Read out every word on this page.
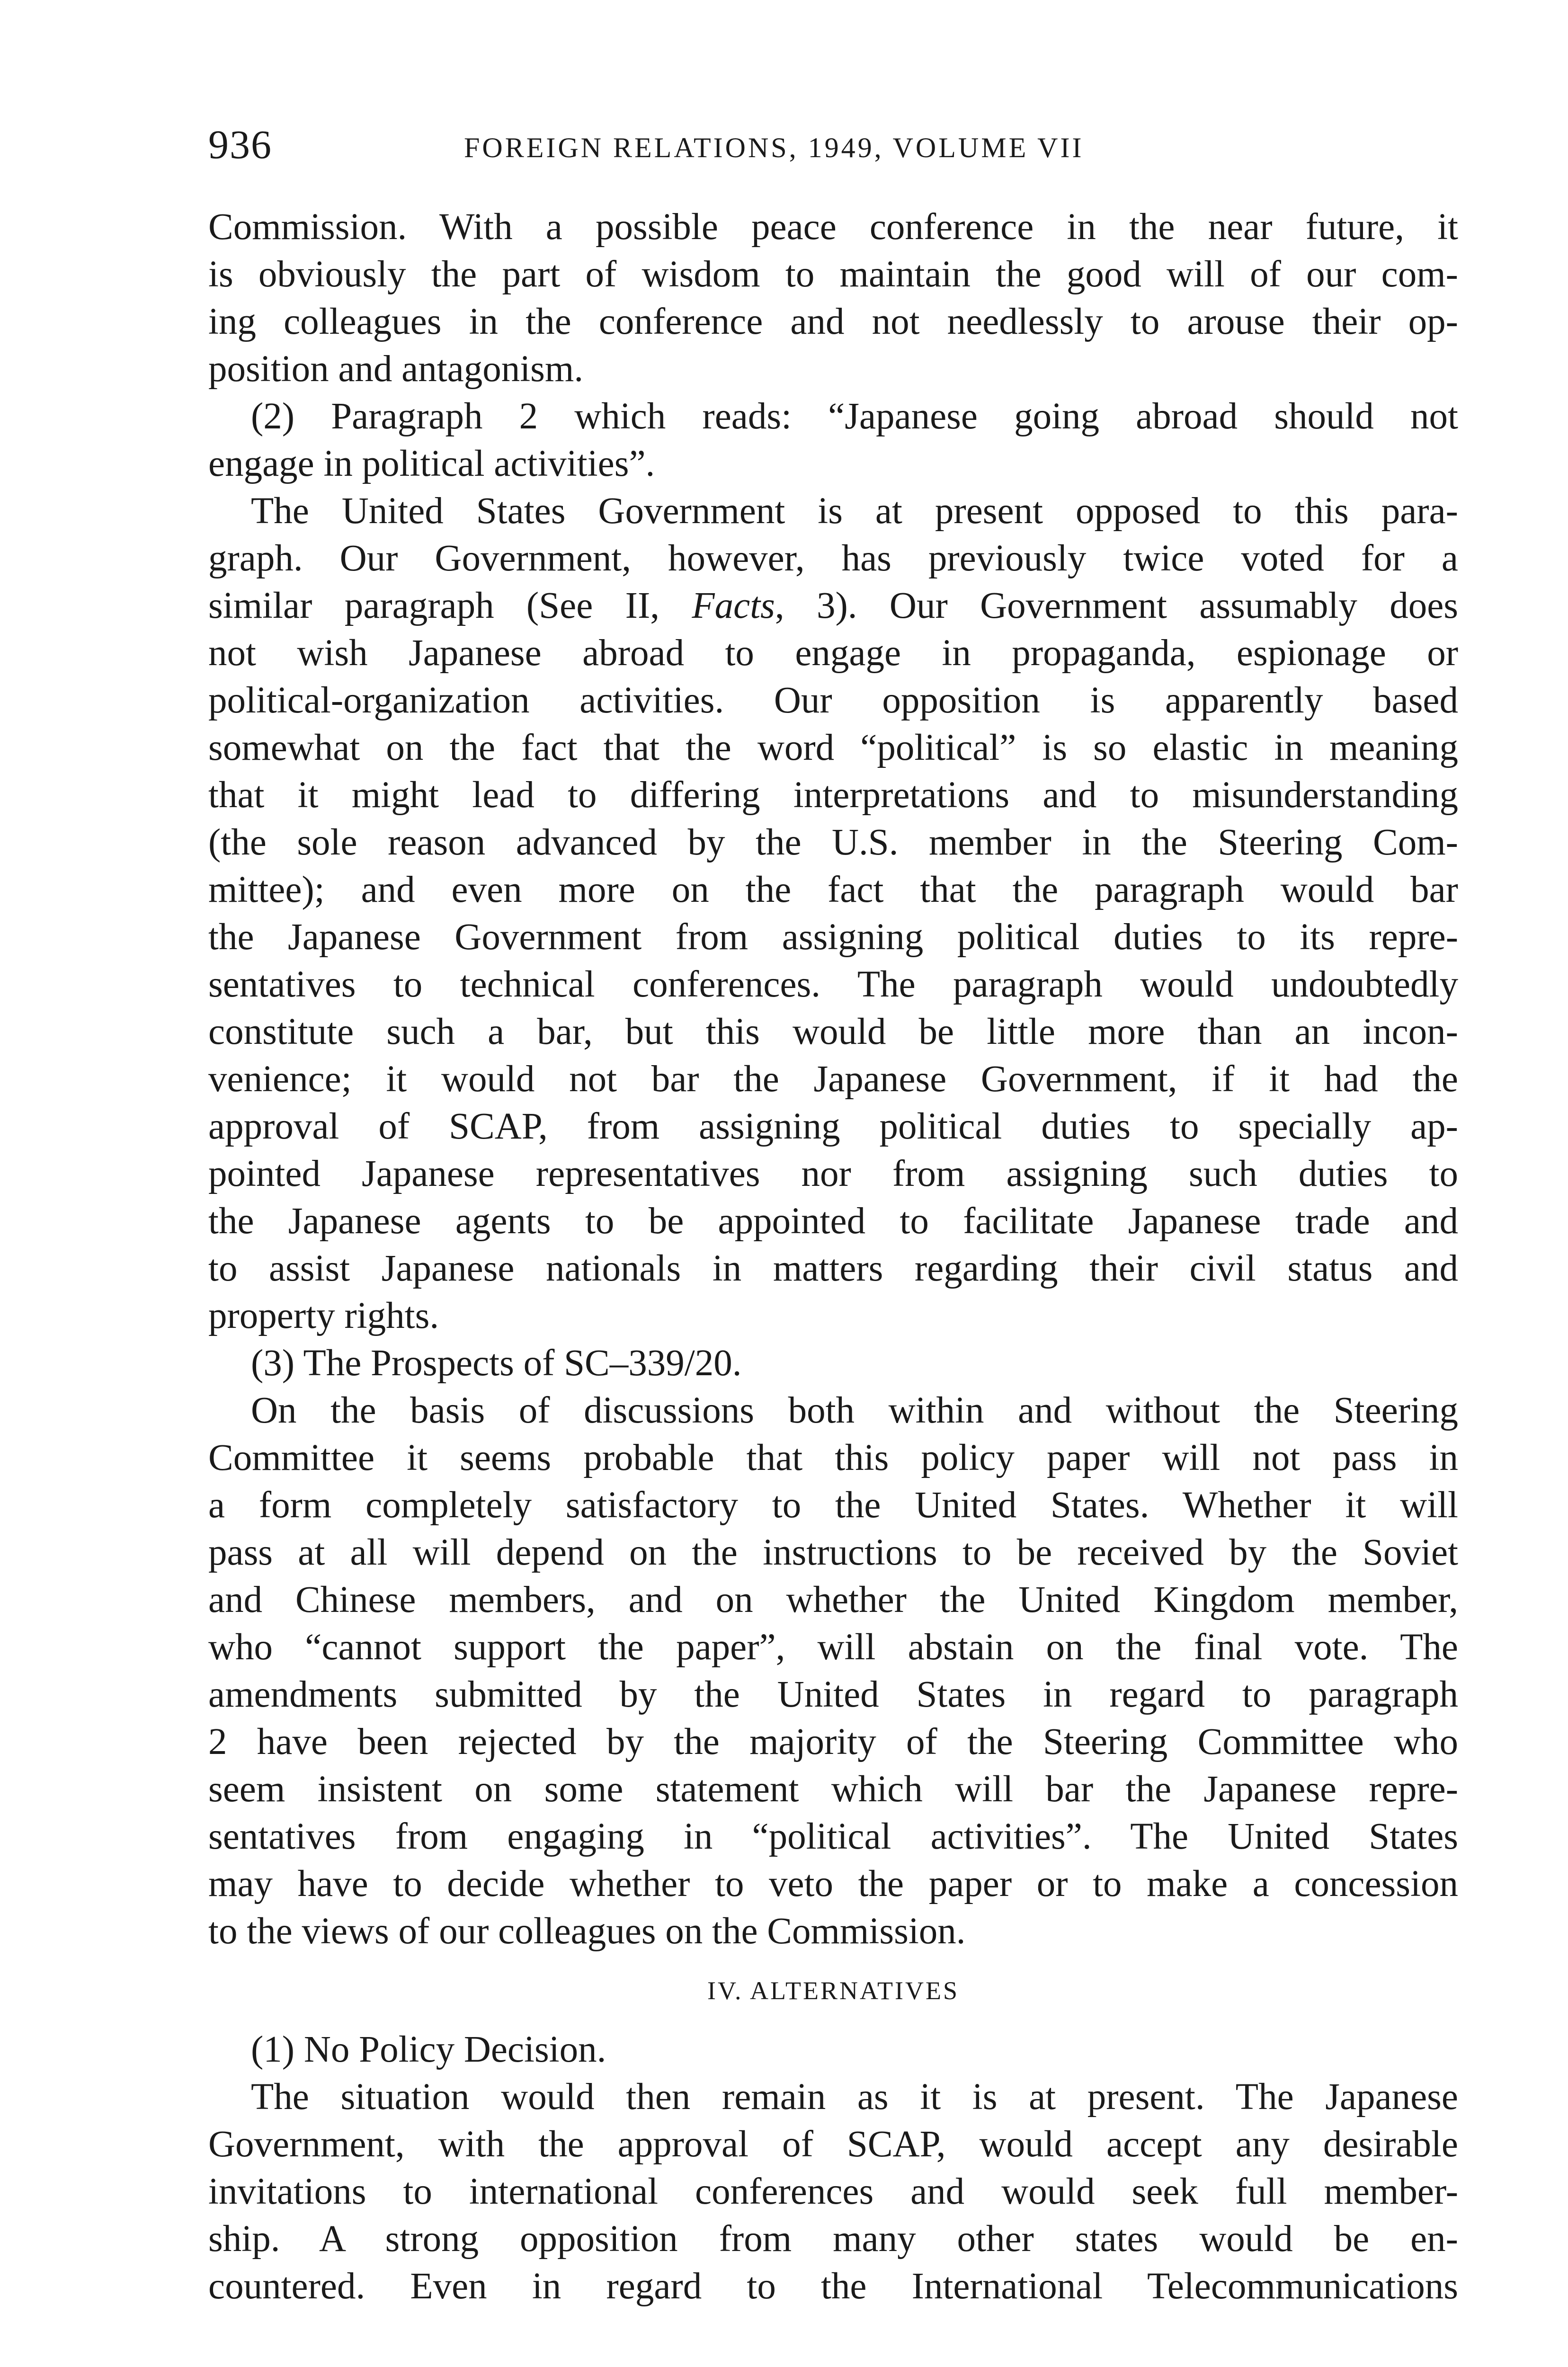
936	FOREIGN RELATIONS, 1949, VOLUME VII
Commission. With a possible peace conference in the near future, it
is obviously the part of wisdom to maintain the good will of our com-
ing colleagues in the conference and not needlessly to arouse their op-
position and antagonism.
(2) Paragraph 2 which reads: “Japanese going abroad should not
engage in political activities”.
The United States Government is at present opposed to this para-
graph. Our Government, however, has previously twice voted for a
similar paragraph (See II, Facts, 3). Our Government assumably does
not wish Japanese abroad to engage in propaganda, espionage or
political-organization activities. Our opposition is apparently based
somewhat on the fact that the word “political” is so elastic in meaning
that it might lead to differing interpretations and to misunderstanding
(the sole reason advanced by the U.S. member in the Steering Com-
mittee); and even more on the fact that the paragraph would bar
the Japanese Government from assigning political duties to its repre-
sentatives to technical conferences. The paragraph would undoubtedly
constitute such a bar, but this would be little more than an incon-
venience; it would not bar the Japanese Government, if it had the
approval of SCAP, from assigning political duties to specially ap-
pointed Japanese representatives nor from assigning such duties to
the Japanese agents to be appointed to facilitate Japanese trade and
to assist Japanese nationals in matters regarding their civil status and
property rights.
(3) The Prospects of SC–339/20.
On the basis of discussions both within and without the Steering
Committee it seems probable that this policy paper will not pass in
a form completely satisfactory to the United States. Whether it will
pass at all will depend on the instructions to be received by the Soviet
and Chinese members, and on whether the United Kingdom member,
who “cannot support the paper”, will abstain on the final vote. The
amendments submitted by the United States in regard to paragraph
2 have been rejected by the majority of the Steering Committee who
seem insistent on some statement which will bar the Japanese repre-
sentatives from engaging in “political activities”. The United States
may have to decide whether to veto the paper or to make a concession
to the views of our colleagues on the Commission.
IV. ALTERNATIVES
(1) No Policy Decision.
The situation would then remain as it is at present. The Japanese
Government, with the approval of SCAP, would accept any desirable
invitations to international conferences and would seek full member-
ship. A strong opposition from many other states would be en-
countered. Even in regard to the International Telecommunications
